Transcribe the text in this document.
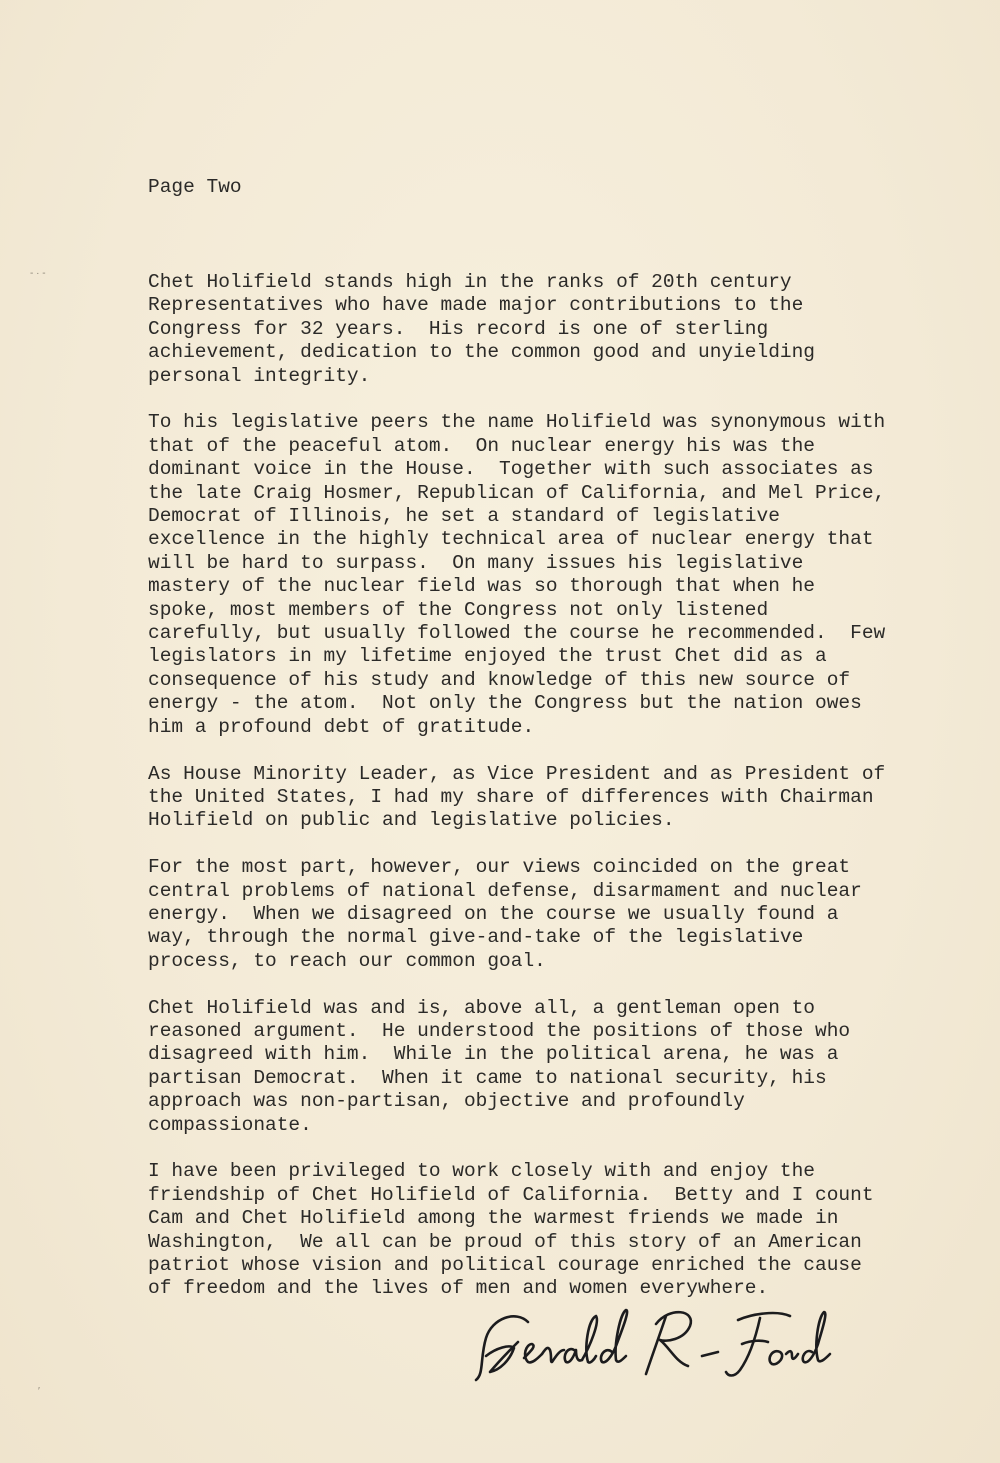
- · -

Page Two

Chet Holifield stands high in the ranks of 20th century
Representatives who have made major contributions to the
Congress for 32 years.  His record is one of sterling
achievement, dedication to the common good and unyielding
personal integrity.

To his legislative peers the name Holifield was synonymous with
that of the peaceful atom.  On nuclear energy his was the
dominant voice in the House.  Together with such associates as
the late Craig Hosmer, Republican of California, and Mel Price,
Democrat of Illinois, he set a standard of legislative
excellence in the highly technical area of nuclear energy that
will be hard to surpass.  On many issues his legislative
mastery of the nuclear field was so thorough that when he
spoke, most members of the Congress not only listened
carefully, but usually followed the course he recommended.  Few
legislators in my lifetime enjoyed the trust Chet did as a
consequence of his study and knowledge of this new source of
energy - the atom.  Not only the Congress but the nation owes
him a profound debt of gratitude.

As House Minority Leader, as Vice President and as President of
the United States, I had my share of differences with Chairman
Holifield on public and legislative policies.

For the most part, however, our views coincided on the great
central problems of national defense, disarmament and nuclear
energy.  When we disagreed on the course we usually found a
way, through the normal give-and-take of the legislative
process, to reach our common goal.

Chet Holifield was and is, above all, a gentleman open to
reasoned argument.  He understood the positions of those who
disagreed with him.  While in the political arena, he was a
partisan Democrat.  When it came to national security, his
approach was non-partisan, objective and profoundly
compassionate.

I have been privileged to work closely with and enjoy the
friendship of Chet Holifield of California.  Betty and I count
Cam and Chet Holifield among the warmest friends we made in
Washington,  We all can be proud of this story of an American
patriot whose vision and political courage enriched the cause
of freedom and the lives of men and women everywhere.

′
